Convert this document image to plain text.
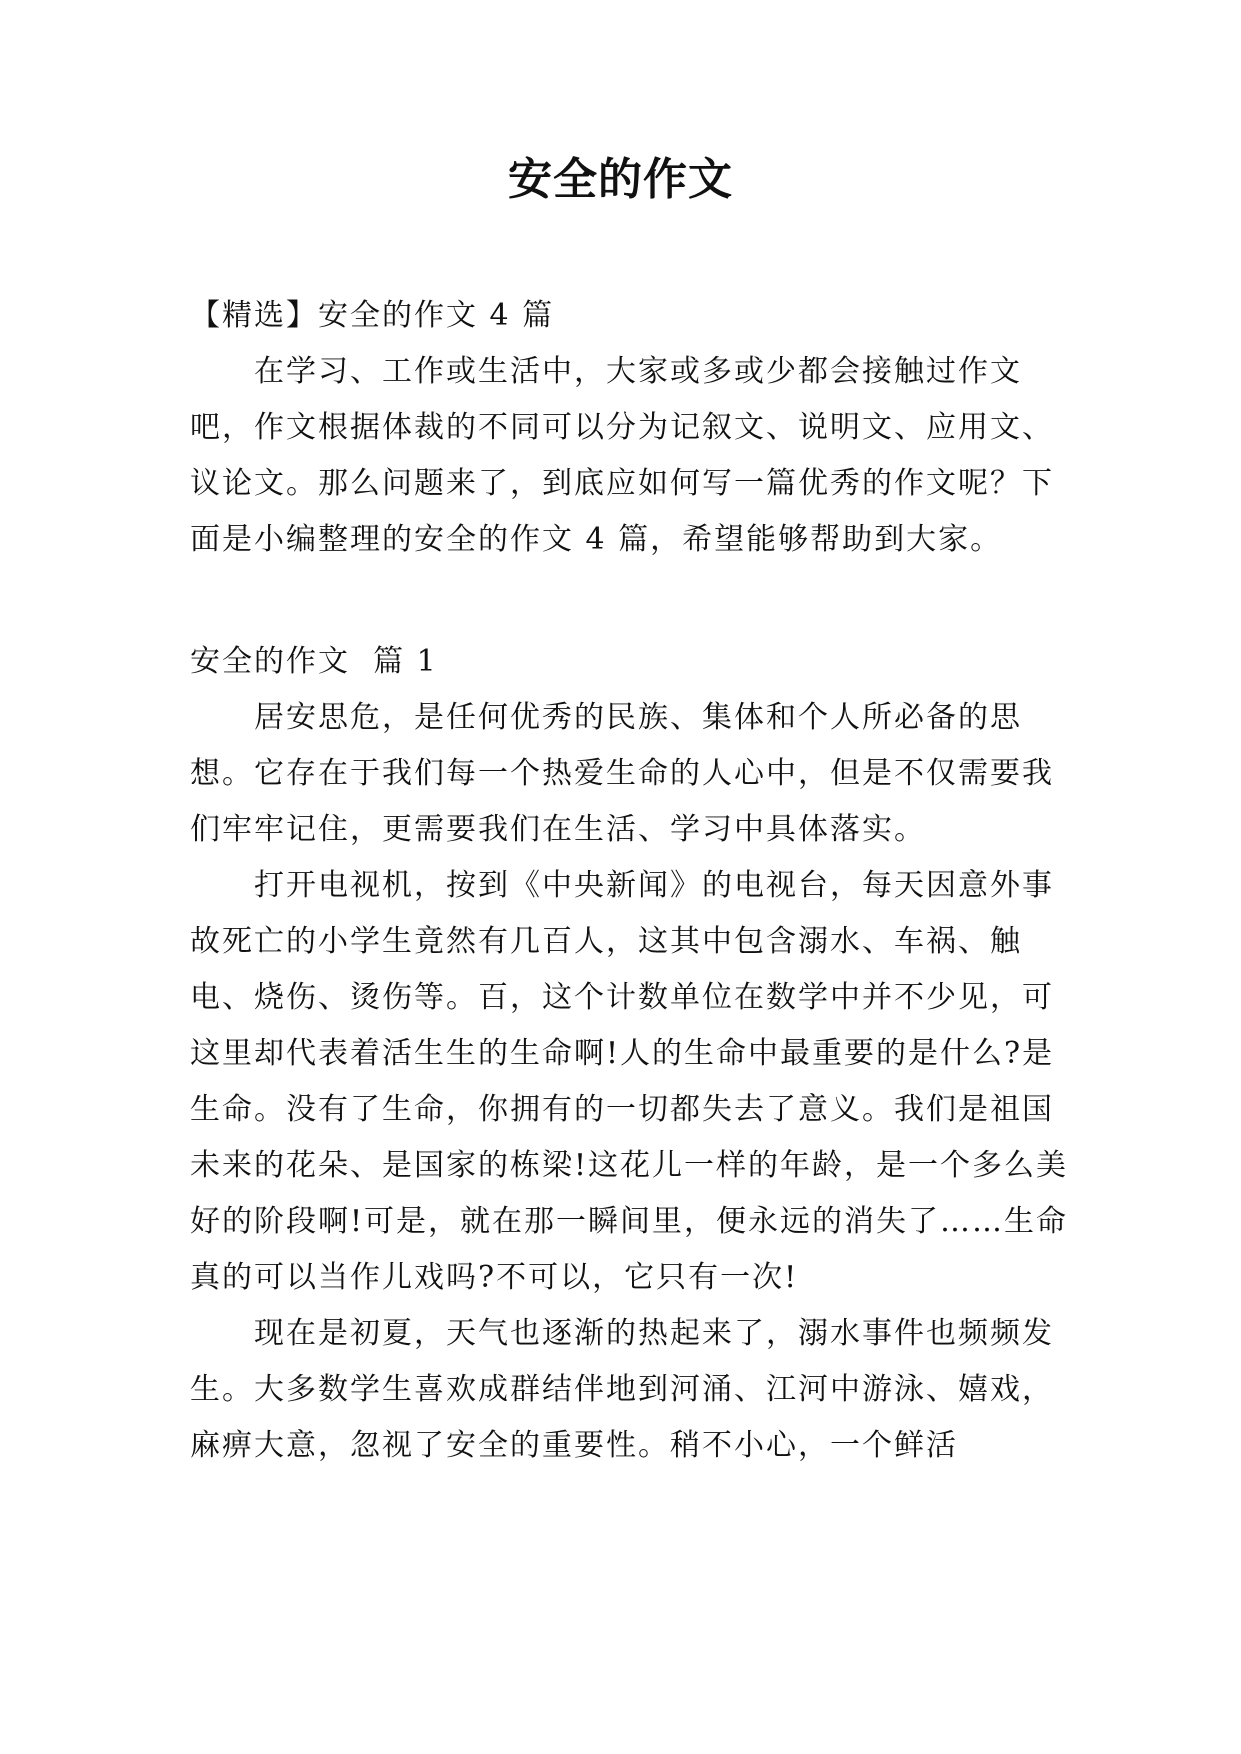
安全的作文

【精选】安全的作文 4 篇

在学习、工作或生活中，大家或多或少都会接触过作文吧，作文根据体裁的不同可以分为记叙文、说明文、应用文、议论文。那么问题来了，到底应如何写一篇优秀的作文呢？下面是小编整理的安全的作文 4 篇，希望能够帮助到大家。

安全的作文  篇 1

居安思危，是任何优秀的民族、集体和个人所必备的思想。它存在于我们每一个热爱生命的人心中，但是不仅需要我们牢牢记住，更需要我们在生活、学习中具体落实。

打开电视机，按到《中央新闻》的电视台，每天因意外事故死亡的小学生竟然有几百人，这其中包含溺水、车祸、触电、烧伤、烫伤等。百，这个计数单位在数学中并不少见，可这里却代表着活生生的生命啊!人的生命中最重要的是什么?是生命。没有了生命，你拥有的一切都失去了意义。我们是祖国未来的花朵、是国家的栋梁!这花儿一样的年龄，是一个多么美好的阶段啊!可是，就在那一瞬间里，便永远的消失了……生命真的可以当作儿戏吗?不可以，它只有一次!

现在是初夏，天气也逐渐的热起来了，溺水事件也频频发生。大多数学生喜欢成群结伴地到河涌、江河中游泳、嬉戏，麻痹大意，忽视了安全的重要性。稍不小心，一个鲜活
